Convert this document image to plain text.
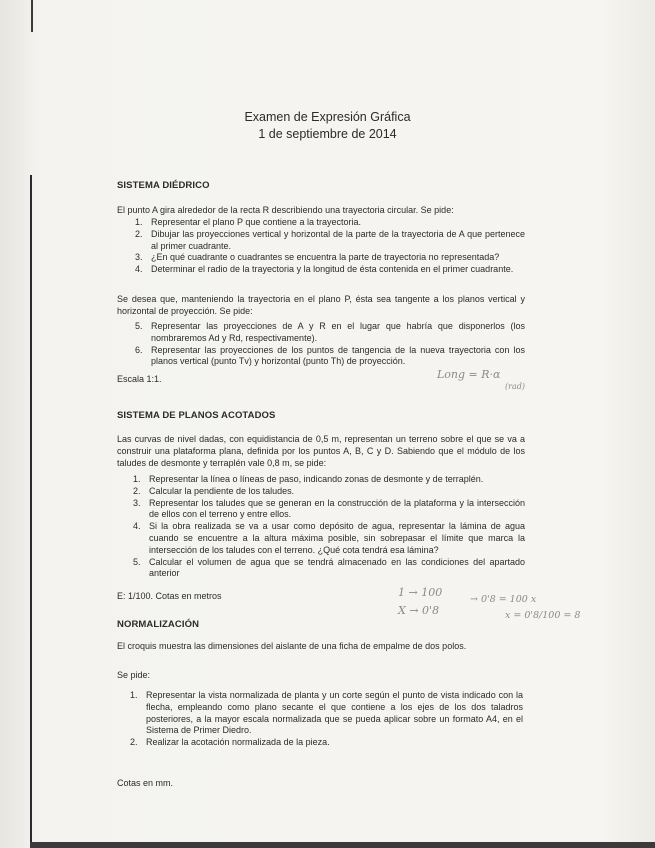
Examen de Expresión Gráfica
1 de septiembre de 2014
SISTEMA DIÉDRICO
El punto A gira alrededor de la recta R describiendo una trayectoria circular. Se pide:
1. Representar el plano P que contiene a la trayectoria.
2. Dibujar las proyecciones vertical y horizontal de la parte de la trayectoria de A que pertenece al primer cuadrante.
3. ¿En qué cuadrante o cuadrantes se encuentra la parte de trayectoria no representada?
4. Determinar el radio de la trayectoria y la longitud de ésta contenida en el primer cuadrante.
Se desea que, manteniendo la trayectoria en el plano P, ésta sea tangente a los planos vertical y horizontal de proyección. Se pide:
5. Representar las proyecciones de A y R en el lugar que habría que disponerlos (los nombraremos Ad y Rd, respectivamente).
6. Representar las proyecciones de los puntos de tangencia de la nueva trayectoria con los planos vertical (punto Tv) y horizontal (punto Th) de proyección.
Escala 1:1.	Long = R·α
(rad)
SISTEMA DE PLANOS ACOTADOS
Las curvas de nivel dadas, con equidistancia de 0,5 m, representan un terreno sobre el que se va a construir una plataforma plana, definida por los puntos A, B, C y D. Sabiendo que el módulo de los taludes de desmonte y terraplén vale 0,8 m, se pide:
1. Representar la línea o líneas de paso, indicando zonas de desmonte y de terraplén.
2. Calcular la pendiente de los taludes.
3. Representar los taludes que se generan en la construcción de la plataforma y la intersección de ellos con el terreno y entre ellos.
4. Si la obra realizada se va a usar como depósito de agua, representar la lámina de agua cuando se encuentre a la altura máxima posible, sin sobrepasar el límite que marca la intersección de los taludes con el terreno. ¿Qué cota tendrá esa lámina?
5. Calcular el volumen de agua que se tendrá almacenado en las condiciones del apartado anterior
E: 1/100. Cotas en metros	1 → 100
X → 0'8
→ 0'8 = 100 x
x = 0'8/100 = 8
NORMALIZACIÓN
El croquis muestra las dimensiones del aislante de una ficha de empalme de dos polos.
Se pide:
1. Representar la vista normalizada de planta y un corte según el punto de vista indicado con la flecha, empleando como plano secante el que contiene a los ejes de los dos taladros posteriores, a la mayor escala normalizada que se pueda aplicar sobre un formato A4, en el Sistema de Primer Diedro.
2. Realizar la acotación normalizada de la pieza.
Cotas en mm.
